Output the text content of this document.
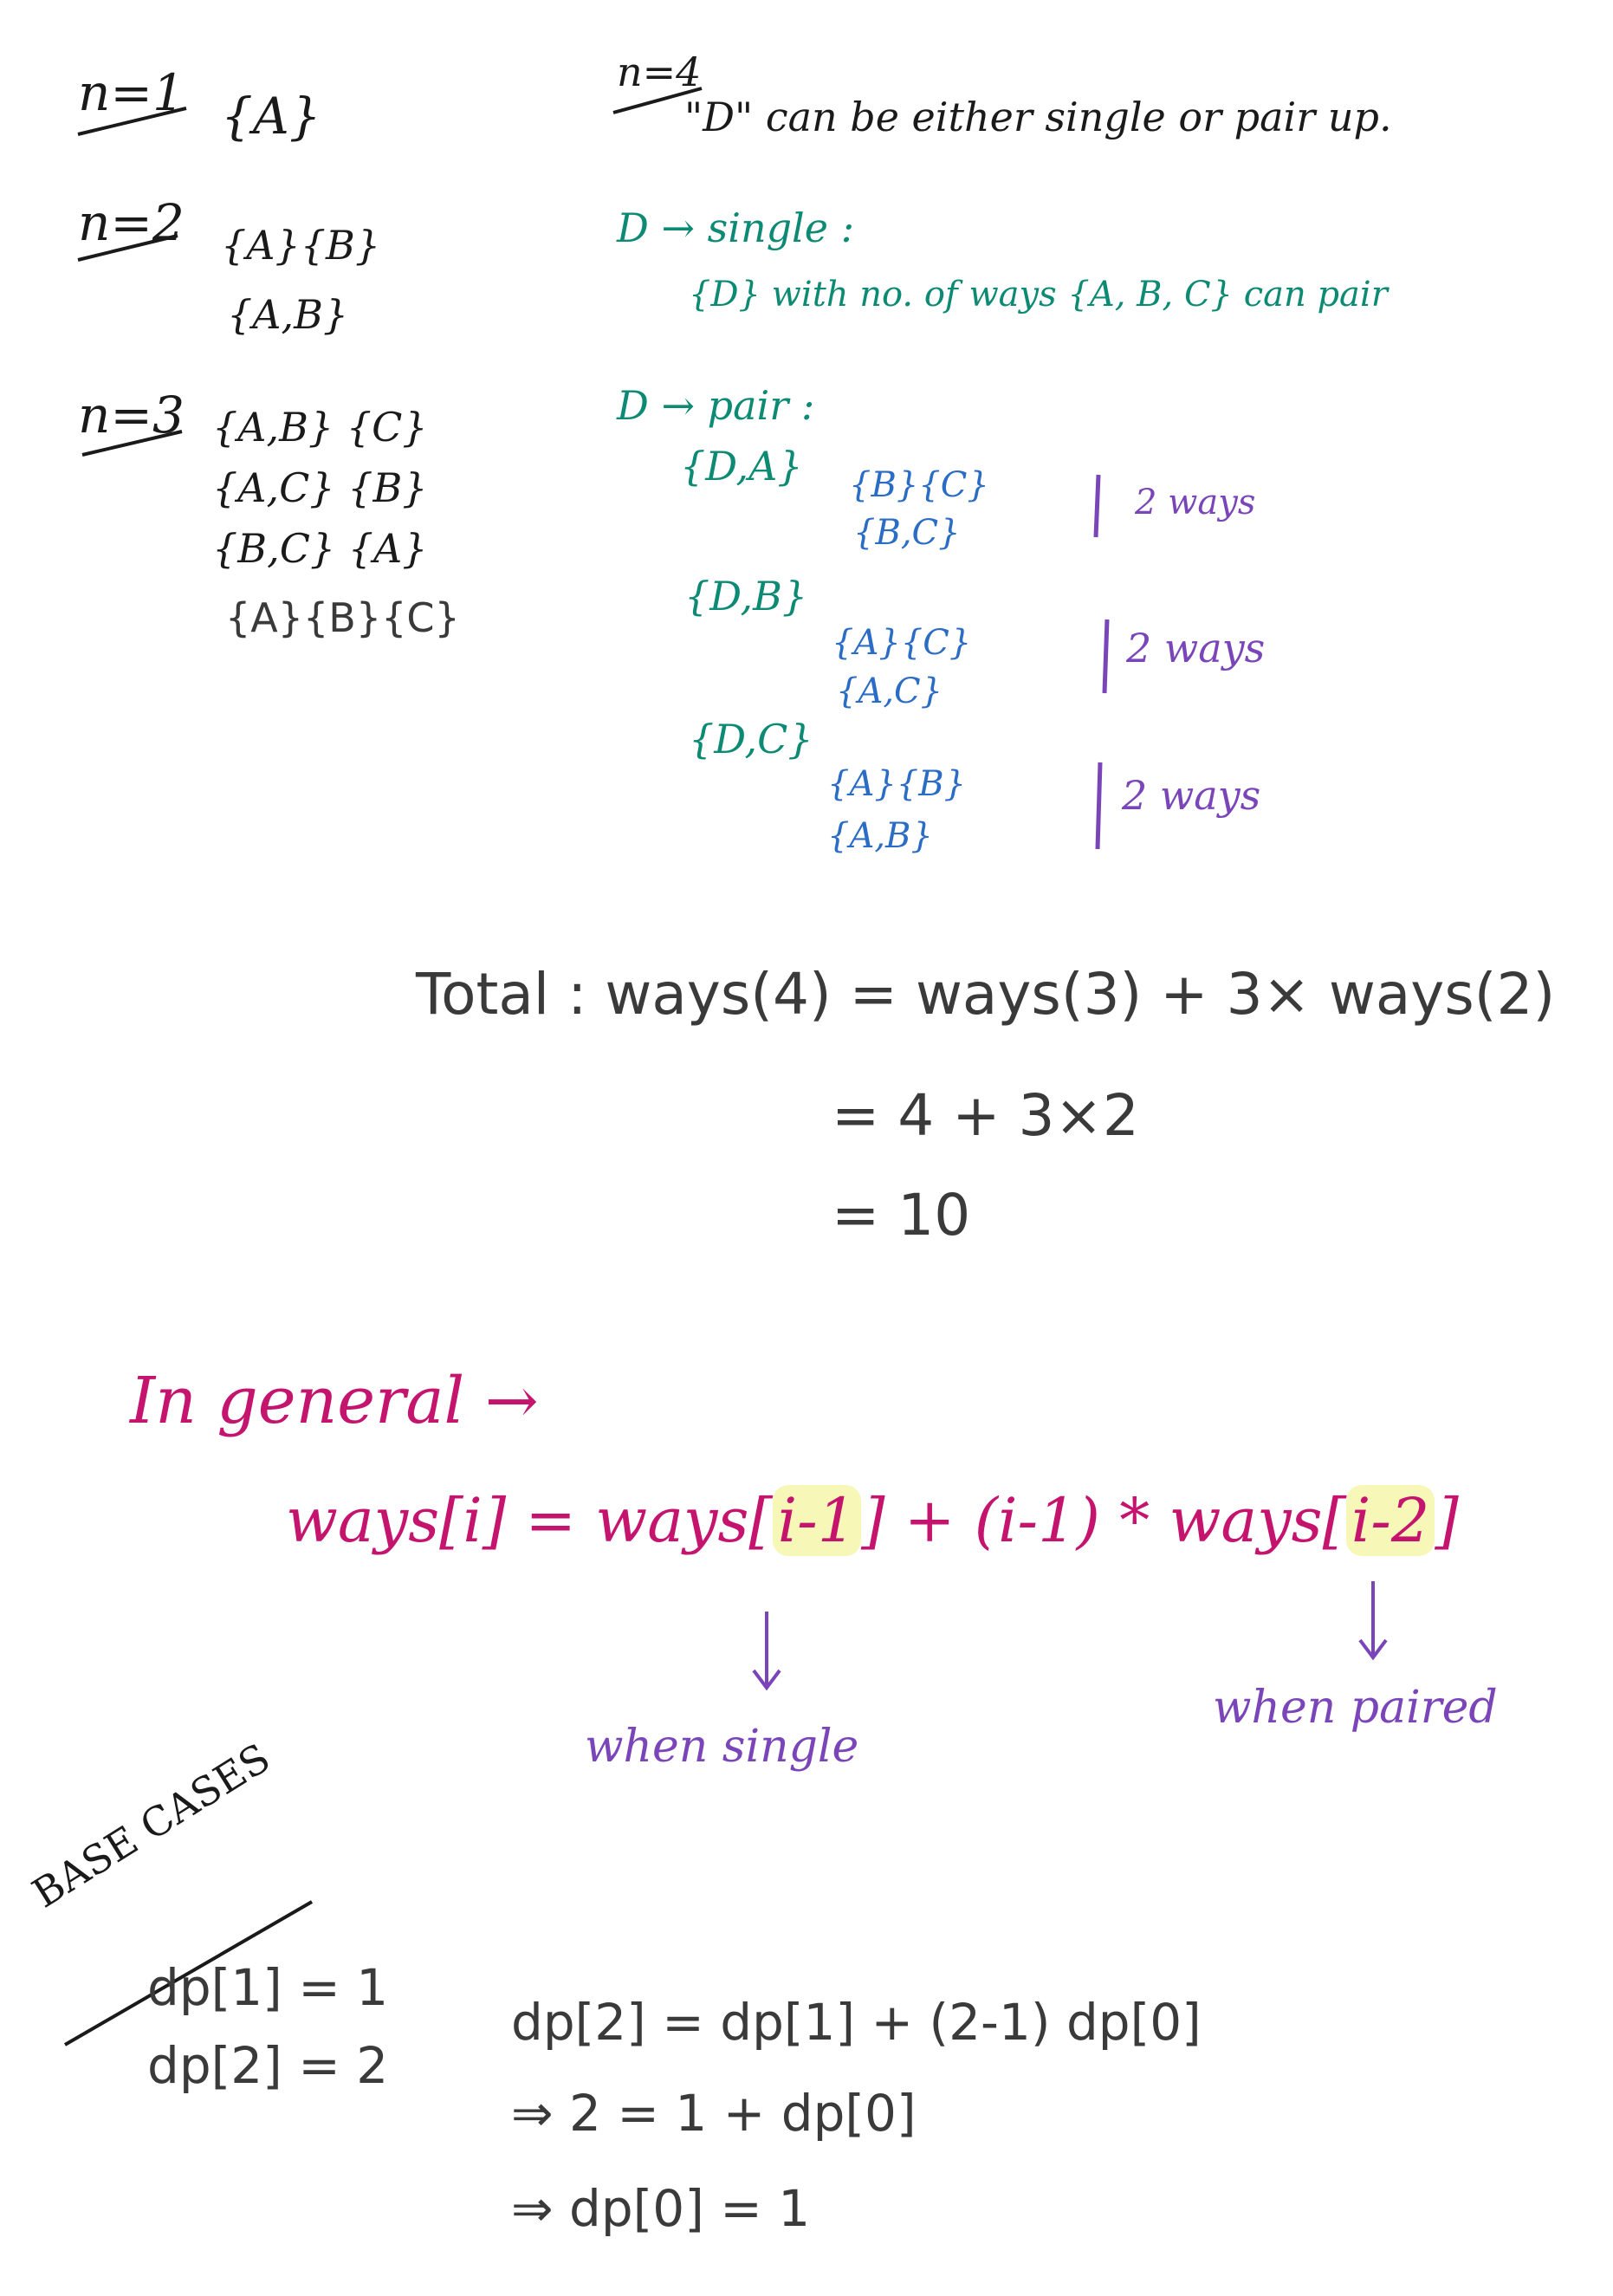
n=1 {A}
n=2 {A}{B}
{A,B}
n=3 {A,B} {C}
{A,C} {B}
{B,C} {A}
{A}{B}{C}
n=4
"D" can be either single or pair up.
D → single :
{D} with no. of ways {A, B, C} can pair
D → pair :
{D,A} {B}{C}
{B,C}
2 ways
{D,B}
{A}{C}
{A,C}
2 ways
{D,C}
{A}{B}
{A,B}
2 ways
Total : ways(4) = ways(3) + 3× ways(2)
= 4 + 3×2
= 10
In general →
ways[i] = ways[i-1] + (i-1) * ways[i-2]
when single
when paired
BASE CASES
dp[1] = 1
dp[2] = 2
dp[2] = dp[1] + (2-1) dp[0]
⇒ 2 = 1 + dp[0]
⇒ dp[0] = 1
